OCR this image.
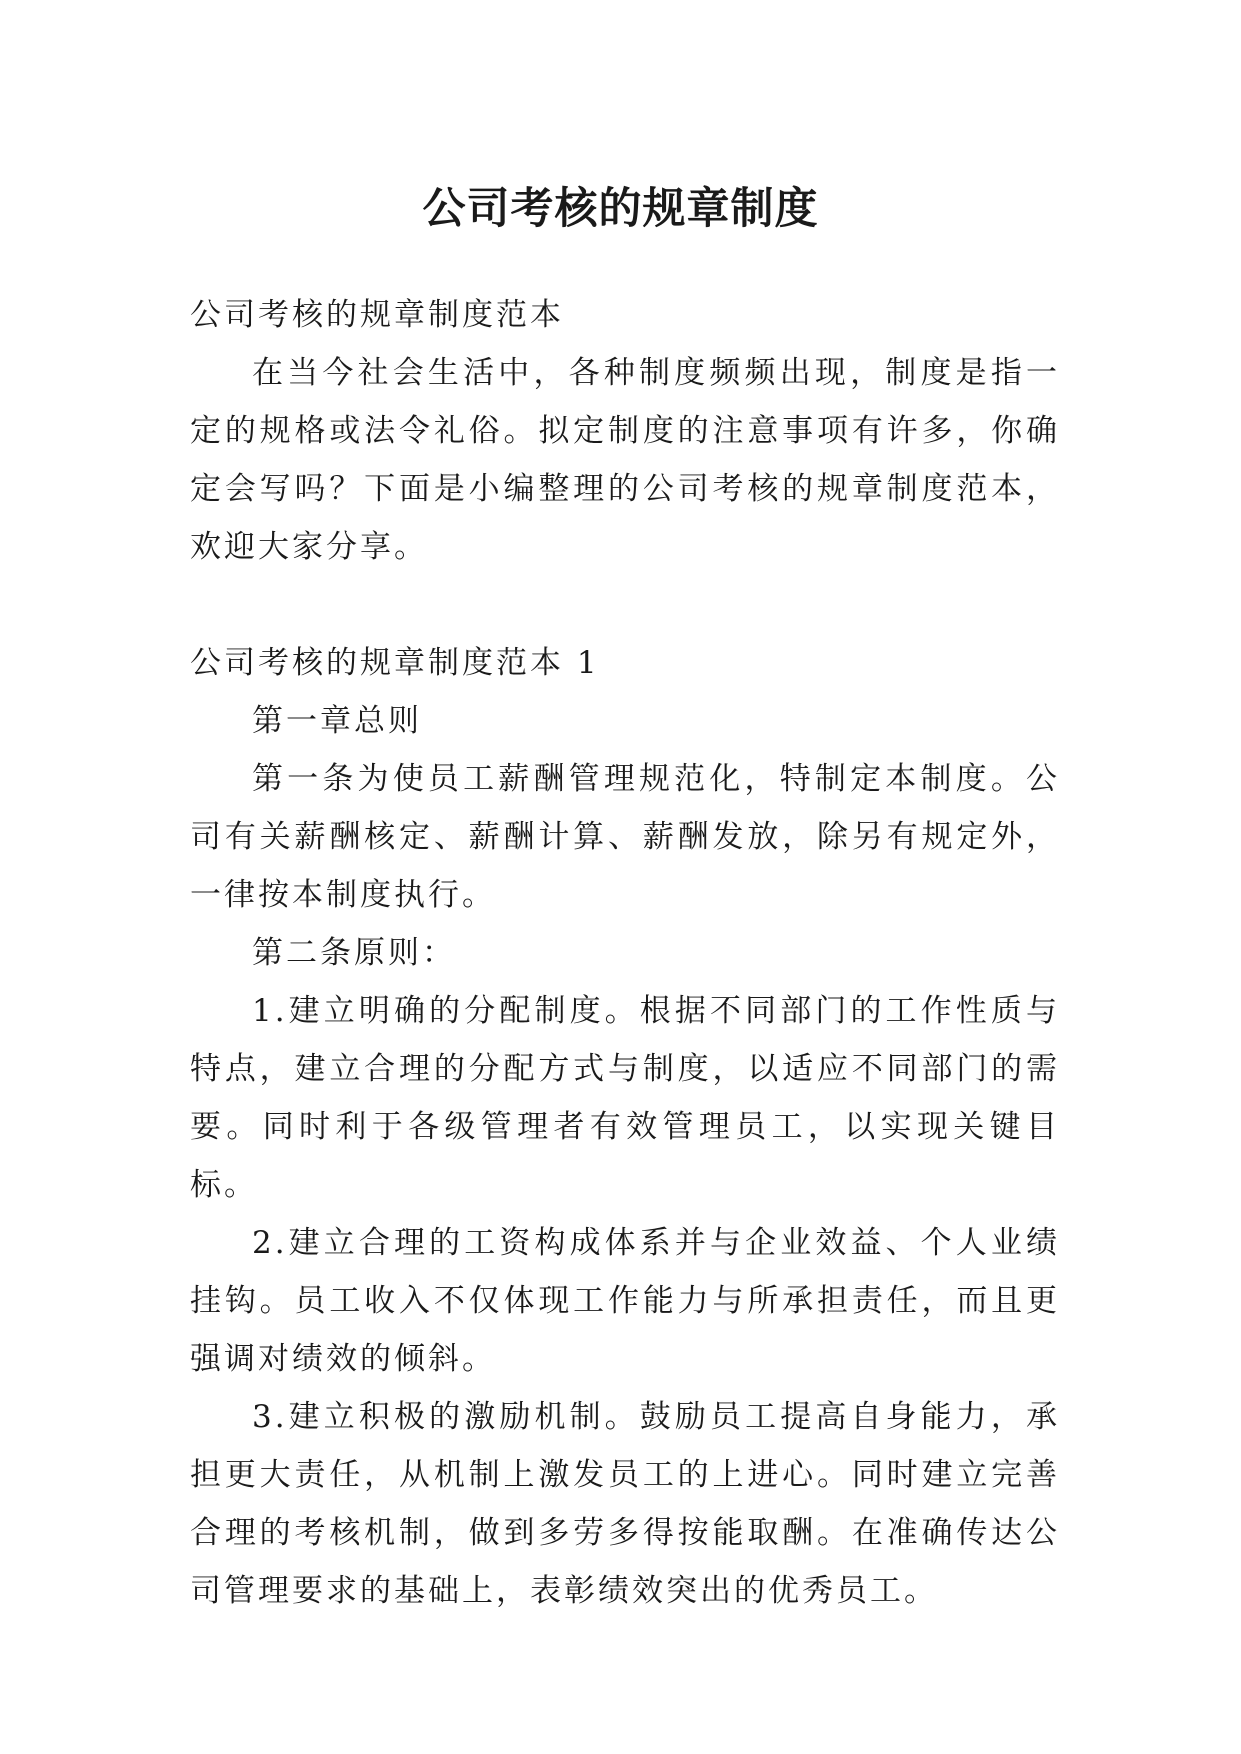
公司考核的规章制度

公司考核的规章制度范本

在当今社会生活中，各种制度频频出现，制度是指一定的规格或法令礼俗。拟定制度的注意事项有许多，你确定会写吗？下面是小编整理的公司考核的规章制度范本，欢迎大家分享。

公司考核的规章制度范本 1

第一章总则

第一条为使员工薪酬管理规范化，特制定本制度。公司有关薪酬核定、薪酬计算、薪酬发放，除另有规定外，一律按本制度执行。

第二条原则：

1.建立明确的分配制度。根据不同部门的工作性质与特点，建立合理的分配方式与制度，以适应不同部门的需要。同时利于各级管理者有效管理员工，以实现关键目标。

2.建立合理的工资构成体系并与企业效益、个人业绩挂钩。员工收入不仅体现工作能力与所承担责任，而且更强调对绩效的倾斜。

3.建立积极的激励机制。鼓励员工提高自身能力，承担更大责任，从机制上激发员工的上进心。同时建立完善合理的考核机制，做到多劳多得按能取酬。在准确传达公司管理要求的基础上，表彰绩效突出的优秀员工。
